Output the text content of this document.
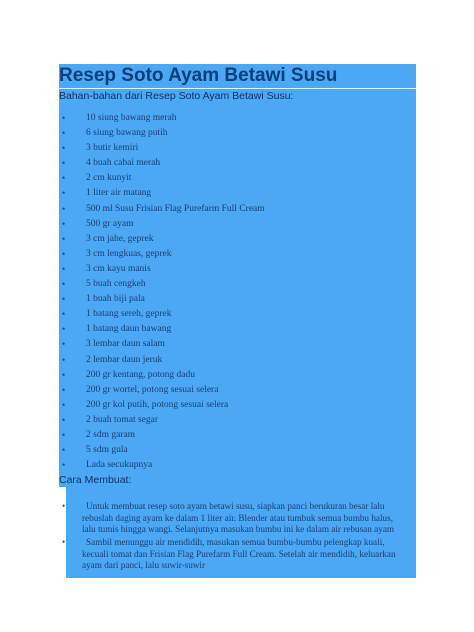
Resep Soto Ayam Betawi Susu
Bahan-bahan dari Resep Soto Ayam Betawi Susu:
• 10 siung bawang merah
• 6 siung bawang putih
• 3 butir kemiri
• 4 buah cabai merah
• 2 cm kunyit
• 1 liter air matang
• 500 ml Susu Frisian Flag Purefarm Full Cream
• 500 gr ayam
• 3 cm jahe, geprek
• 3 cm lengkuas, geprek
• 3 cm kayu manis
• 5 buah cengkeh
• 1 buah biji pala
• 1 batang sereh, geprek
• 1 batang daun bawang
• 3 lembar daun salam
• 2 lembar daun jeruk
• 200 gr kentang, potong dadu
• 200 gr wortel, potong sesuai selera
• 200 gr kol putih, potong sesuai selera
• 2 buah tomat segar
• 2 sdm garam
• 5 sdm gula
• Lada secukupnya
Cara Membuat:
•	Untuk membuat resep soto ayam betawi susu, siapkan panci berukuran besar lalu
rebuslah daging ayam ke dalam 1 liter air. Blender atau tumbuk semua bumbu halus,
lalu tumis hingga wangi. Selanjutnya masukan bumbu ini ke dalam air rebusan ayam
•	Sambil menunggu air mendidih, masukan semua bumbu-bumbu pelengkap kuali,
kecuali tomat dan Frisian Flag Purefarm Full Cream. Setelah air mendidih, keluarkan
ayam dari panci, lalu suwir-suwir
